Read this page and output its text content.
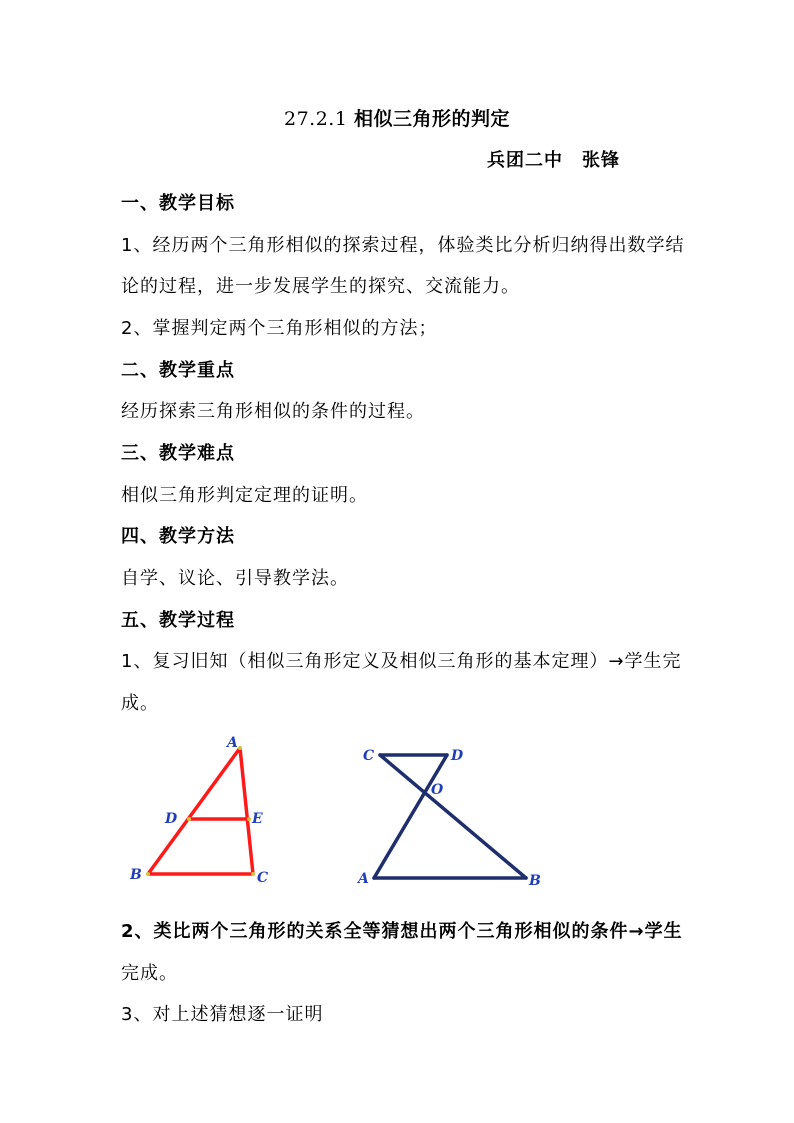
27.2.1 相似三角形的判定
兵团二中　张锋
一、教学目标
1、经历两个三角形相似的探索过程，体验类比分析归纳得出数学结
论的过程，进一步发展学生的探究、交流能力。
2、掌握判定两个三角形相似的方法；
二、教学重点
经历探索三角形相似的条件的过程。
三、教学难点
相似三角形判定定理的证明。
四、教学方法
自学、议论、引导教学法。
五、教学过程
1、复习旧知（相似三角形定义及相似三角形的基本定理）→学生完
成。
A
B	C
D	E
C	D
O
A	B
2、类比两个三角形的关系全等猜想出两个三角形相似的条件→学生
完成。
3、对上述猜想逐一证明
